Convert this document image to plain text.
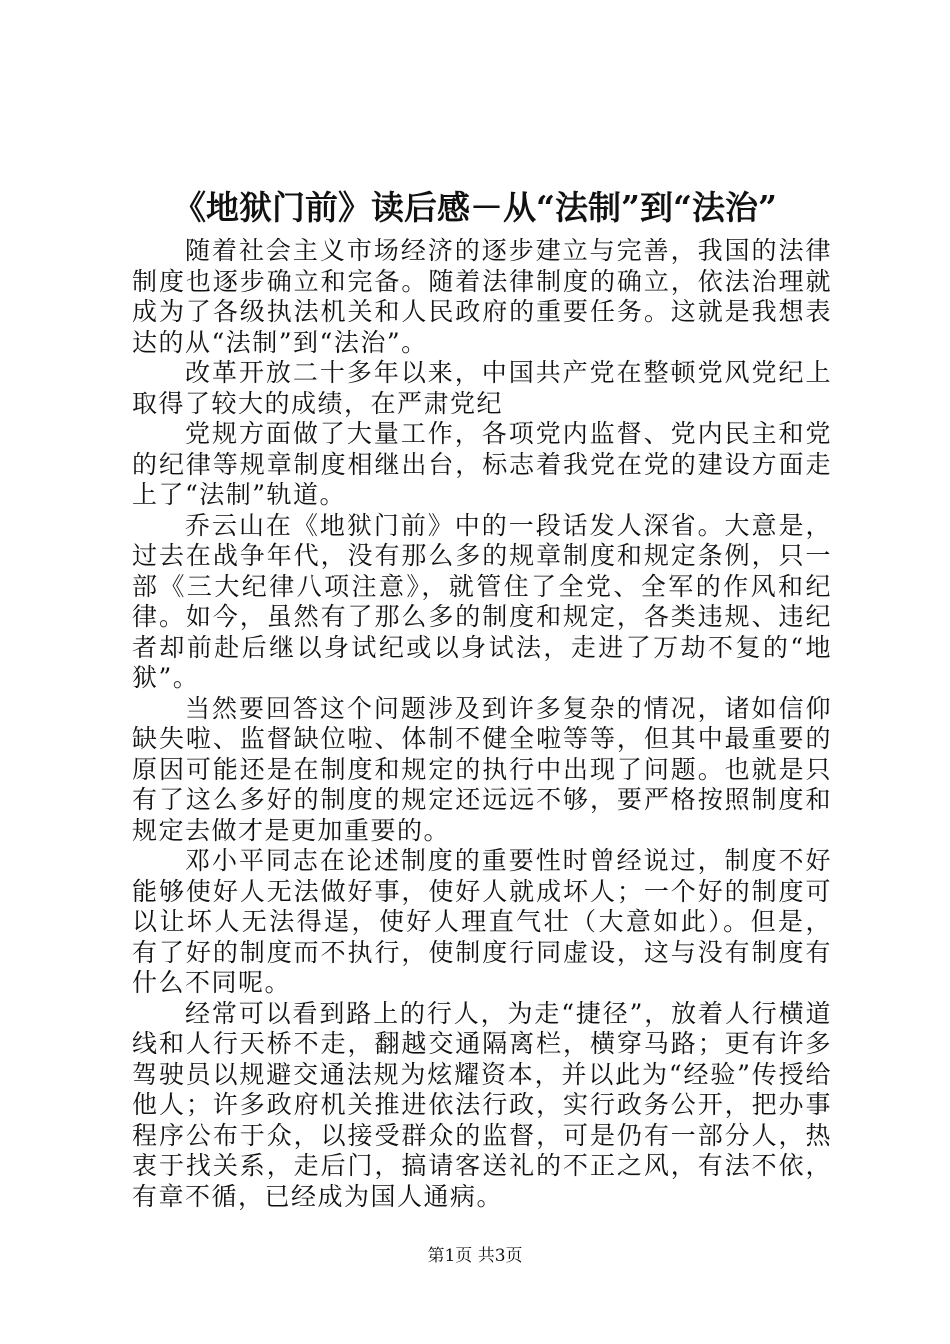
《地狱门前》读后感－从“法制”到“法治”

随着社会主义市场经济的逐步建立与完善，我国的法律制度也逐步确立和完备。随着法律制度的确立，依法治理就成为了各级执法机关和人民政府的重要任务。这就是我想表达的从“法制”到“法治”。

改革开放二十多年以来，中国共产党在整顿党风党纪上取得了较大的成绩，在严肃党纪

党规方面做了大量工作，各项党内监督、党内民主和党的纪律等规章制度相继出台，标志着我党在党的建设方面走上了“法制”轨道。

乔云山在《地狱门前》中的一段话发人深省。大意是，过去在战争年代，没有那么多的规章制度和规定条例，只一部《三大纪律八项注意》，就管住了全党、全军的作风和纪律。如今，虽然有了那么多的制度和规定，各类违规、违纪者却前赴后继以身试纪或以身试法，走进了万劫不复的“地狱”。

当然要回答这个问题涉及到许多复杂的情况，诸如信仰缺失啦、监督缺位啦、体制不健全啦等等，但其中最重要的原因可能还是在制度和规定的执行中出现了问题。也就是只有了这么多好的制度的规定还远远不够，要严格按照制度和规定去做才是更加重要的。

邓小平同志在论述制度的重要性时曾经说过，制度不好能够使好人无法做好事，使好人就成坏人；一个好的制度可以让坏人无法得逞，使好人理直气壮（大意如此）。但是，有了好的制度而不执行，使制度行同虚设，这与没有制度有什么不同呢。

经常可以看到路上的行人，为走“捷径”，放着人行横道线和人行天桥不走，翻越交通隔离栏，横穿马路；更有许多驾驶员以规避交通法规为炫耀资本，并以此为“经验”传授给他人；许多政府机关推进依法行政，实行政务公开，把办事程序公布于众，以接受群众的监督，可是仍有一部分人，热衷于找关系，走后门，搞请客送礼的不正之风，有法不依，有章不循，已经成为国人通病。

第1页 共3页
